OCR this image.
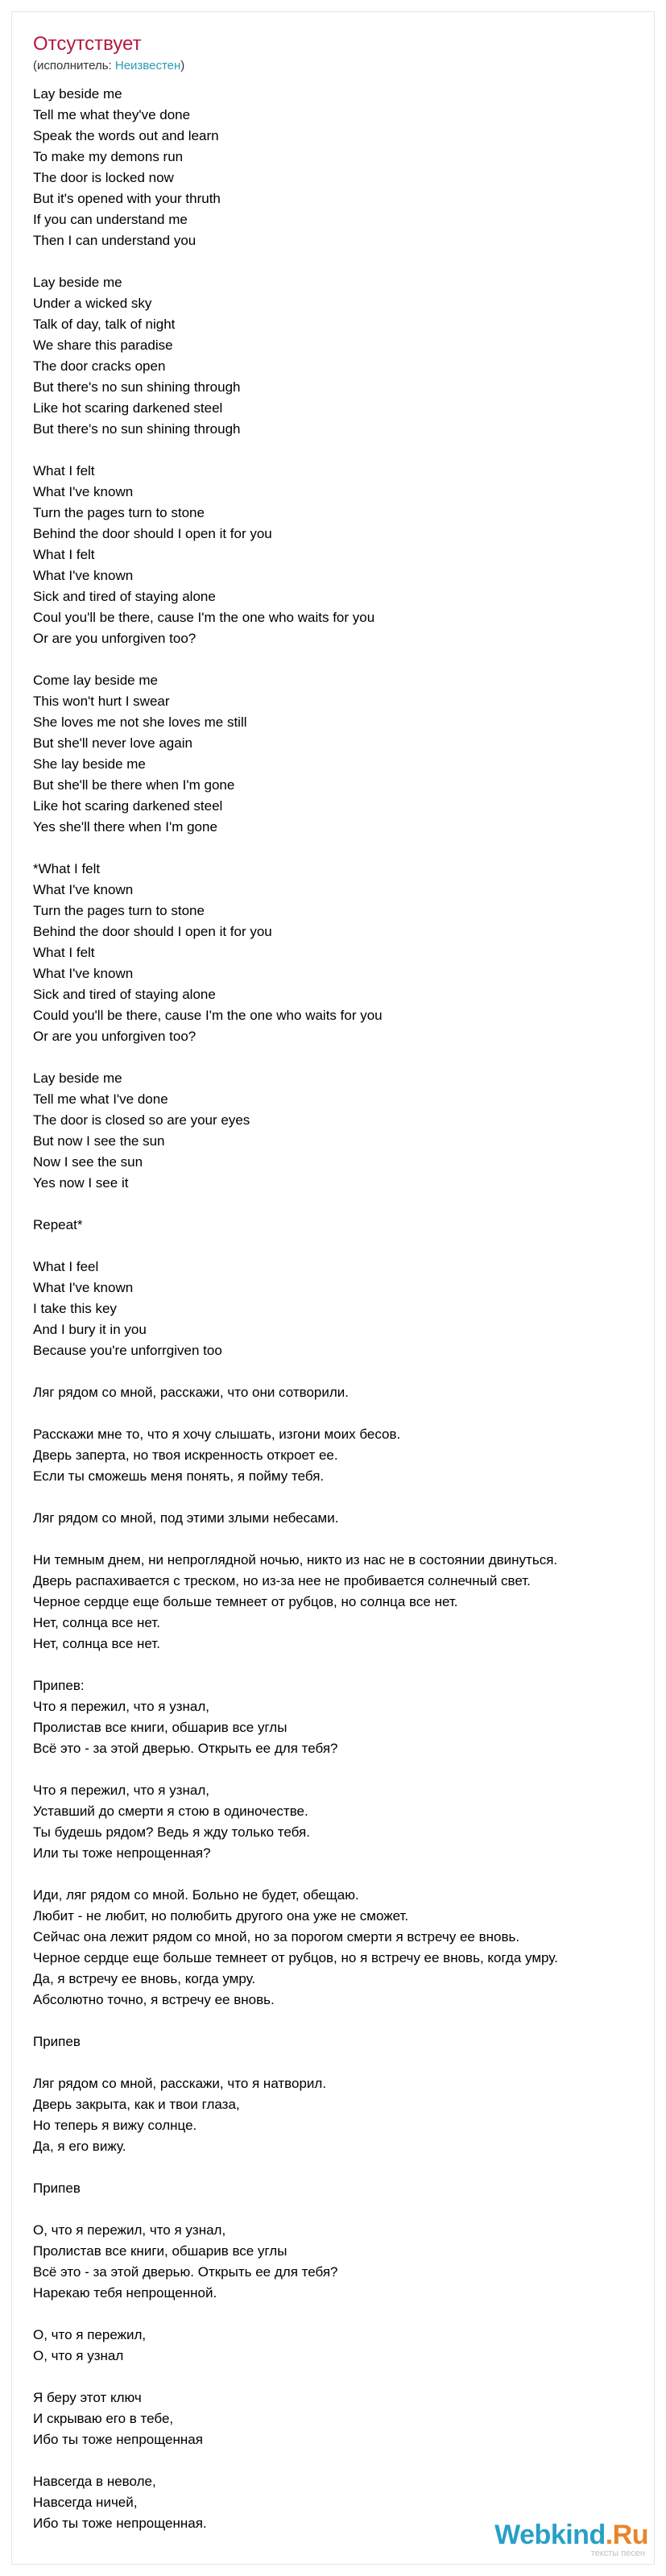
Отсутствует
(исполнитель: Неизвестен)
Lay beside me
Tell me what they've done
Speak the words out and learn
To make my demons run
The door is locked now
But it's opened with your thruth
If you can understand me
Then I can understand you
Lay beside me
Under a wicked sky
Talk of day, talk of night
We share this paradise
The door cracks open
But there's no sun shining through
Like hot scaring darkened steel
But there's no sun shining through
What I felt
What I've known
Turn the pages turn to stone
Behind the door should I open it for you
What I felt
What I've known
Sick and tired of staying alone
Coul you'll be there, cause I'm the one who waits for you
Or are you unforgiven too?
Come lay beside me
This won't hurt I swear
She loves me not she loves me still
But she'll never love again
She lay beside me
But she'll be there when I'm gone
Like hot scaring darkened steel
Yes she'll there when I'm gone
*What I felt
What I've known
Turn the pages turn to stone
Behind the door should I open it for you
What I felt
What I've known
Sick and tired of staying alone
Could you'll be there, cause I'm the one who waits for you
Or are you unforgiven too?
Lay beside me
Tell me what I've done
The door is closed so are your eyes
But now I see the sun
Now I see the sun
Yes now I see it
Repeat*
What I feel
What I've known
I take this key
And I bury it in you
Because you're unforrgiven too
Ляг рядом со мной, расскажи, что они сотворили.
Расскажи мне то, что я хочу слышать, изгони моих бесов.
Дверь заперта, но твоя искренность откроет ее.
Если ты сможешь меня понять, я пойму тебя.
Ляг рядом со мной, под этими злыми небесами.
Ни темным днем, ни непроглядной ночью, никто из нас не в состоянии двинуться.
Дверь распахивается с треском, но из-за нее не пробивается солнечный свет.
Черное сердце еще больше темнеет от рубцов, но солнца все нет.
Нет, солнца все нет.
Нет, солнца все нет.
Припев:
Что я пережил, что я узнал,
Пролистав все книги, обшарив все углы
Всё это - за этой дверью. Открыть ее для тебя?
Что я пережил, что я узнал,
Уставший до смерти я стою в одиночестве.
Ты будешь рядом? Ведь я жду только тебя.
Или ты тоже непрощенная?
Иди, ляг рядом со мной. Больно не будет, обещаю.
Любит - не любит, но полюбить другого она уже не сможет.
Сейчас она лежит рядом со мной, но за порогом смерти я встречу ее вновь.
Черное сердце еще больше темнеет от рубцов, но я встречу ее вновь, когда умру.
Да, я встречу ее вновь, когда умру.
Абсолютно точно, я встречу ее вновь.
Припев
Ляг рядом со мной, расскажи, что я натворил.
Дверь закрыта, как и твои глаза,
Но теперь я вижу солнце.
Да, я его вижу.
Припев
О, что я пережил, что я узнал,
Пролистав все книги, обшарив все углы
Всё это - за этой дверью. Открыть ее для тебя?
Нарекаю тебя непрощенной.
О, что я пережил,
О, что я узнал
Я беру этот ключ
И скрываю его в тебе,
Ибо ты тоже непрощенная
Навсегда в неволе,
Навсегда ничей,
Ибо ты тоже непрощенная.	Webkind.Ru
тексты песен
